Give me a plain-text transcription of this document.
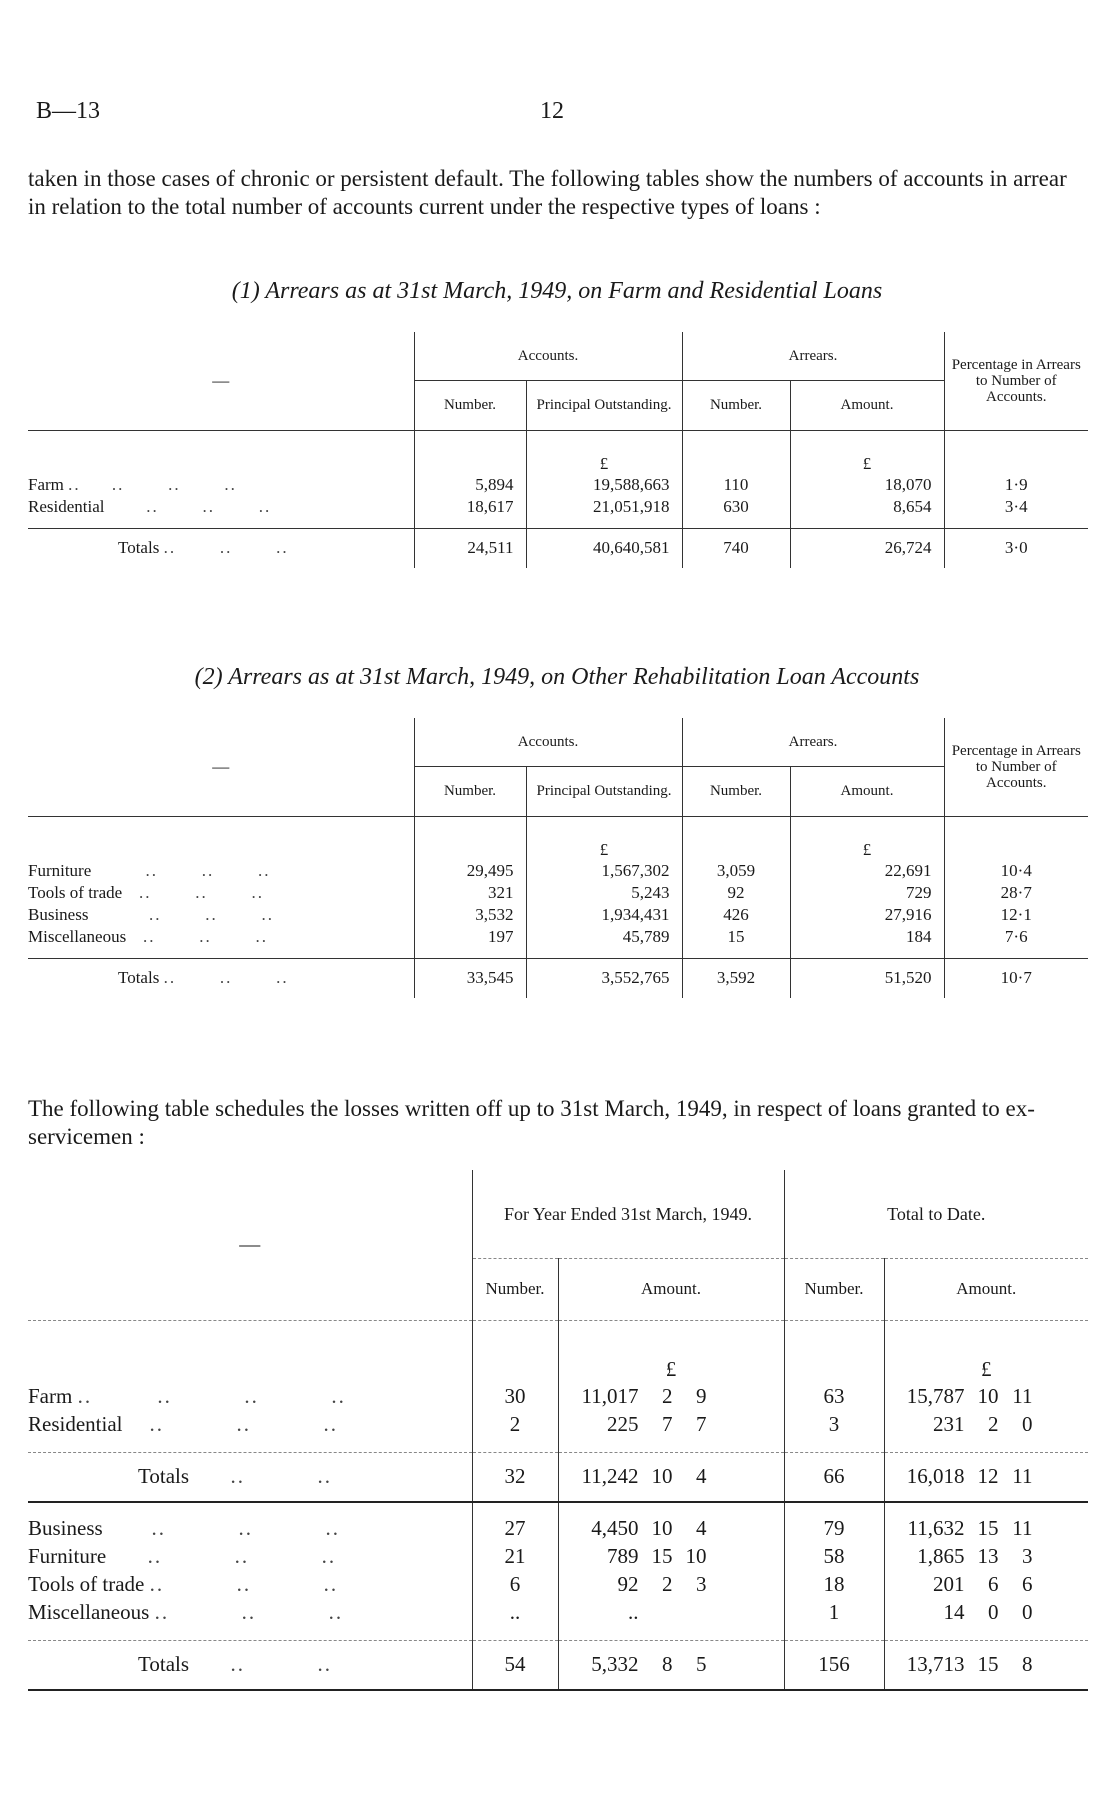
B—13	12
taken in those cases of chronic or persistent default. The following tables show the numbers of accounts in arrear in relation to the total number of accounts current under the respective types of loans :
(1) Arrears as at 31st March, 1949, on Farm and Residential Loans
—	Accounts.		Arrears.		Percentage in Arrears to Number of Accounts.
	Number.	Principal Outstanding.	Number.	Amount.	
		£		£	
Farm ..     ..       ..       ..	5,894	19,588,663	110	18,070	1·9
Residential       ..       ..       ..	18,617	21,051,918	630	8,654	3·4

Totals ..       ..       ..	24,511	40,640,581	740	26,724	3·0
(2) Arrears as at 31st March, 1949, on Other Rehabilitation Loan Accounts
—	Accounts.		Arrears.		Percentage in Arrears to Number of Accounts.
	Number.	Principal Outstanding.	Number.	Amount.	
		£		£	
Furniture         ..       ..       ..	29,495	1,567,302	3,059	22,691	10·4
Tools of trade   ..       ..       ..	321	5,243	92	729	28·7
Business          ..       ..       ..	3,532	1,934,431	426	27,916	12·1
Miscellaneous   ..       ..       ..	197	45,789	15	184	7·6

Totals ..       ..       ..	33,545	3,552,765	3,592	51,520	10·7
The following table schedules the losses written off up to 31st March, 1949, in respect of loans granted to ex-servicemen :
—	For Year Ended 31st March, 1949.		Total to Date.	
	Number.	Amount.	Number.	Amount.
		£		£
Farm ..         ..          ..          ..	30	11,017 2 9	63	15,787 10 11
Residential    ..          ..          ..	2	225 7 7	3	231 2 0

Totals      ..          ..	32	11,242 10 4	66	16,018 12 11

Business       ..          ..          ..	27	4,450 10 4	79	11,632 15 11
Furniture      ..          ..          ..	21	789 15 10	58	1,865 13 3
Tools of trade ..          ..          ..	6	92 2 3	18	201 6 6
Miscellaneous ..          ..          ..	..	..	1	14 0 0

Totals      ..          ..	54	5,332 8 5	156	13,713 15 8
